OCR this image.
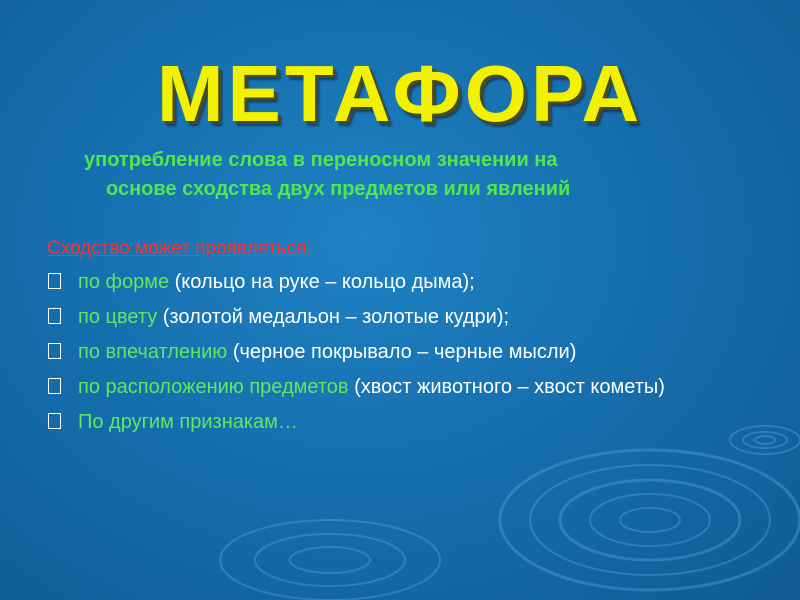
МЕТАФОРА
употребление слова в переносном значении на
основе сходства двух предметов или явлений
Сходство может проявляться:
по форме (кольцо на руке – кольцо дыма);
по цвету (золотой медальон – золотые кудри);
по впечатлению (черное покрывало – черные мысли)
по расположению предметов (хвост животного – хвост кометы)
По другим признакам…
